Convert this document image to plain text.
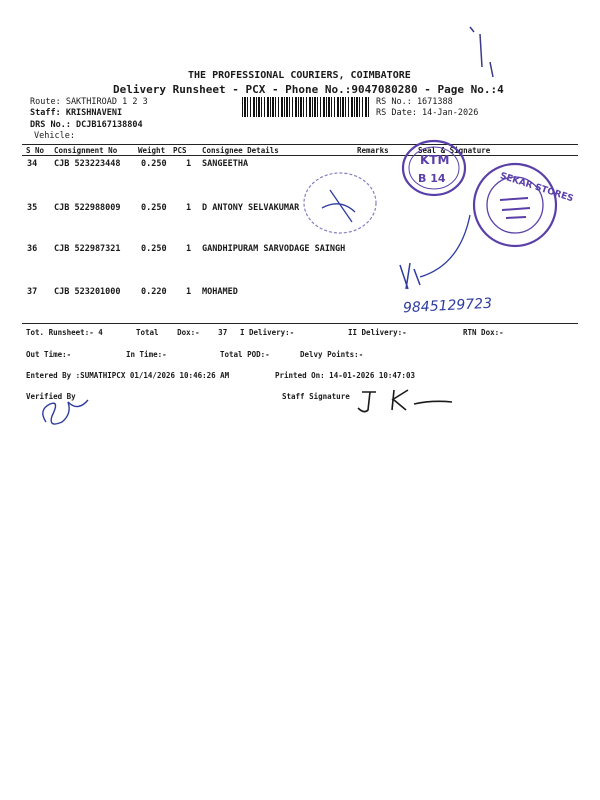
THE PROFESSIONAL COURIERS, COIMBATORE
Delivery Runsheet - PCX - Phone No.:9047080280 - Page No.:4
Route: SAKTHIROAD 1 2 3
Staff: KRISHNAVENI
DRS No.: DCJB167138804
Vehicle:
RS No.: 1671388
RS Date: 14-Jan-2026
S No Consignment No	Weight PCS Consignee Details	Remarks	Seal & Signature
34 CJB 523223448 0.250 1 SANGEETHA
35 CJB 522988009 0.250 1 D ANTONY SELVAKUMAR
36 CJB 522987321 0.250 1 GANDHIPURAM SARVODAGE SAINGH
37 CJB 523201000 0.220 1 MOHAMED
Tot. Runsheet:- 4	Total Dox:- 37 I Delivery:-	II Delivery:-	RTN Dox:-
Out Time:-	In Time:-	Total POD:-	Delvy Points:-
Entered By :SUMATHIPCX 01/14/2026 10:46:26 AM	Printed On: 14-01-2026 10:47:03
Verified By	Staff Signature
KTM
B 14	SEKAR STORES
9845129723
